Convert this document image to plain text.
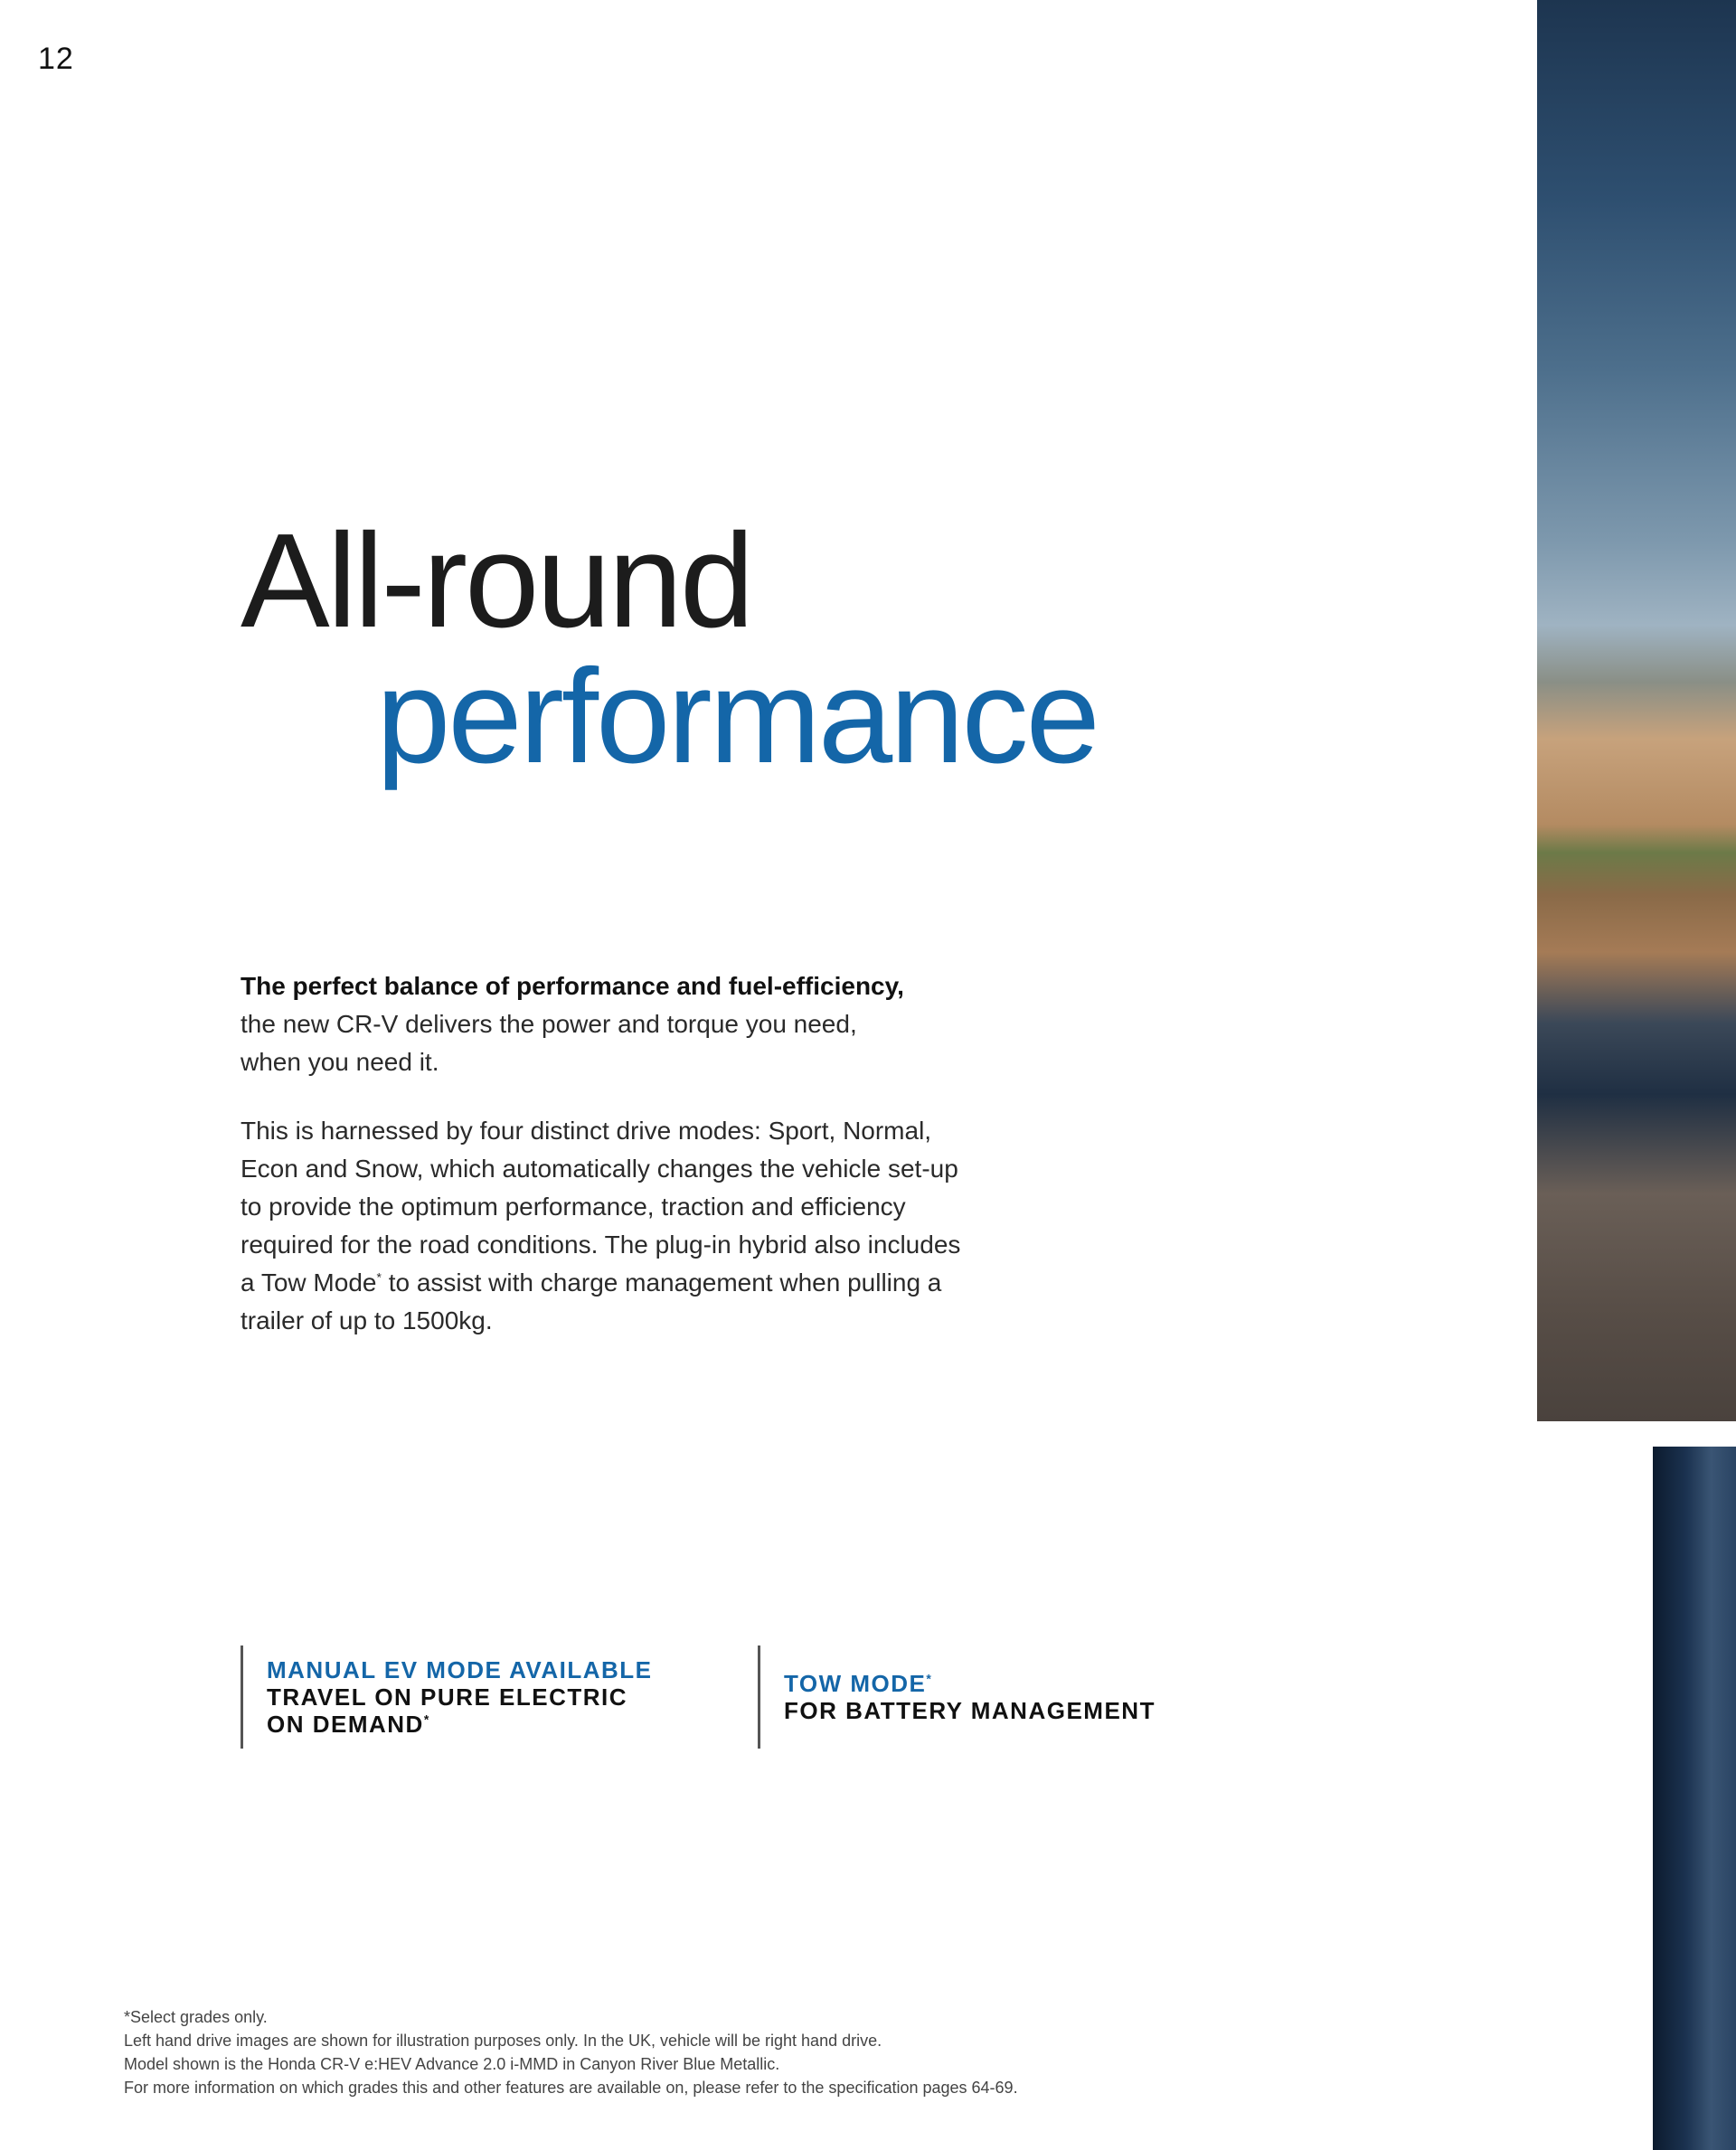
12
All-round
performance

The perfect balance of performance and fuel-efficiency,
the new CR-V delivers the power and torque you need,
when you need it.

This is harnessed by four distinct drive modes: Sport, Normal,
Econ and Snow, which automatically changes the vehicle set-up
to provide the optimum performance, traction and efficiency
required for the road conditions. The plug-in hybrid also includes
a Tow Mode* to assist with charge management when pulling a
trailer of up to 1500kg.

MANUAL EV MODE AVAILABLE
TRAVEL ON PURE ELECTRIC
ON DEMAND*
TOW MODE*
FOR BATTERY MANAGEMENT
*Select grades only.
Left hand drive images are shown for illustration purposes only. In the UK, vehicle will be right hand drive.
Model shown is the Honda CR-V e:HEV Advance 2.0 i-MMD in Canyon River Blue Metallic.
For more information on which grades this and other features are available on, please refer to the specification pages 64-69.
